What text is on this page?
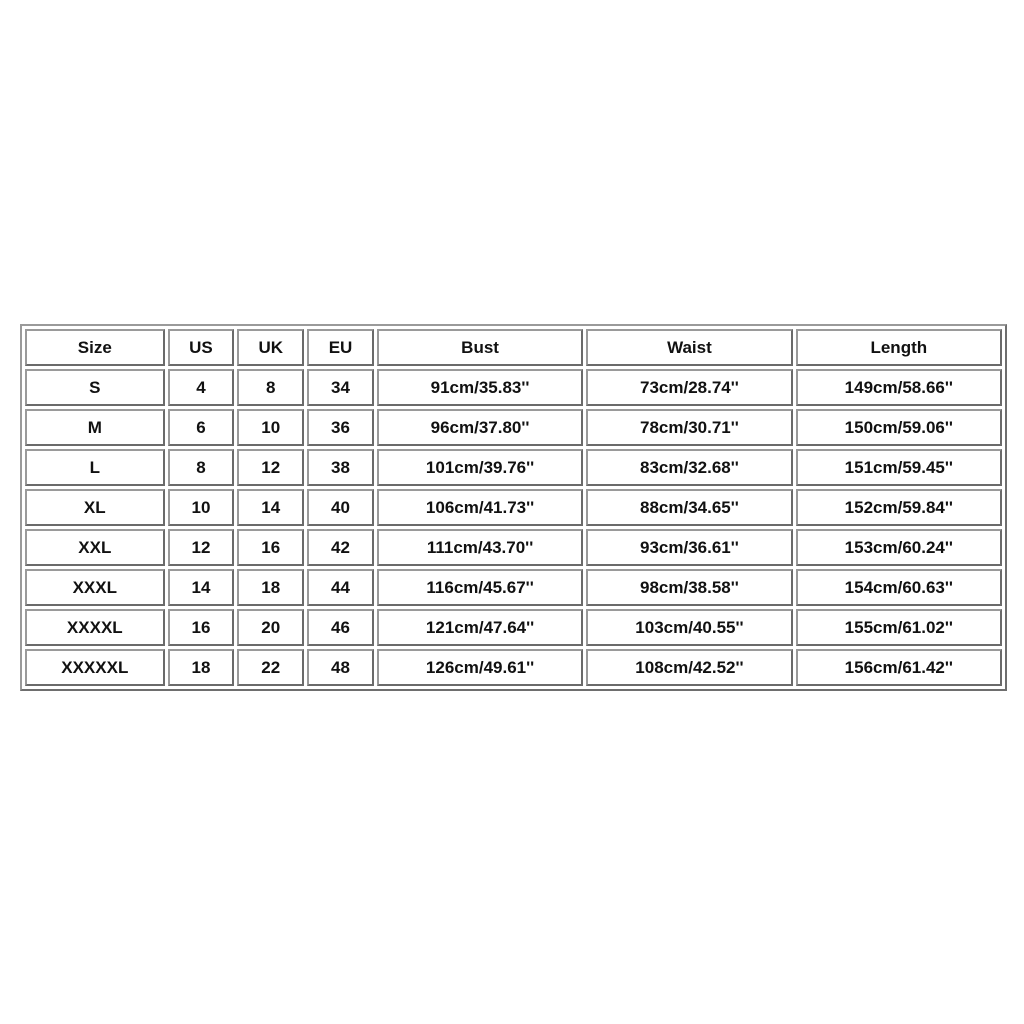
Size	US	UK	EU	Bust	Waist	Length
S	4	8	34	91cm/35.83''	73cm/28.74''	149cm/58.66''
M	6	10	36	96cm/37.80''	78cm/30.71''	150cm/59.06''
L	8	12	38	101cm/39.76''	83cm/32.68''	151cm/59.45''
XL	10	14	40	106cm/41.73''	88cm/34.65''	152cm/59.84''
XXL	12	16	42	111cm/43.70''	93cm/36.61''	153cm/60.24''
XXXL	14	18	44	116cm/45.67''	98cm/38.58''	154cm/60.63''
XXXXL	16	20	46	121cm/47.64''	103cm/40.55''	155cm/61.02''
XXXXXL	18	22	48	126cm/49.61''	108cm/42.52''	156cm/61.42''
